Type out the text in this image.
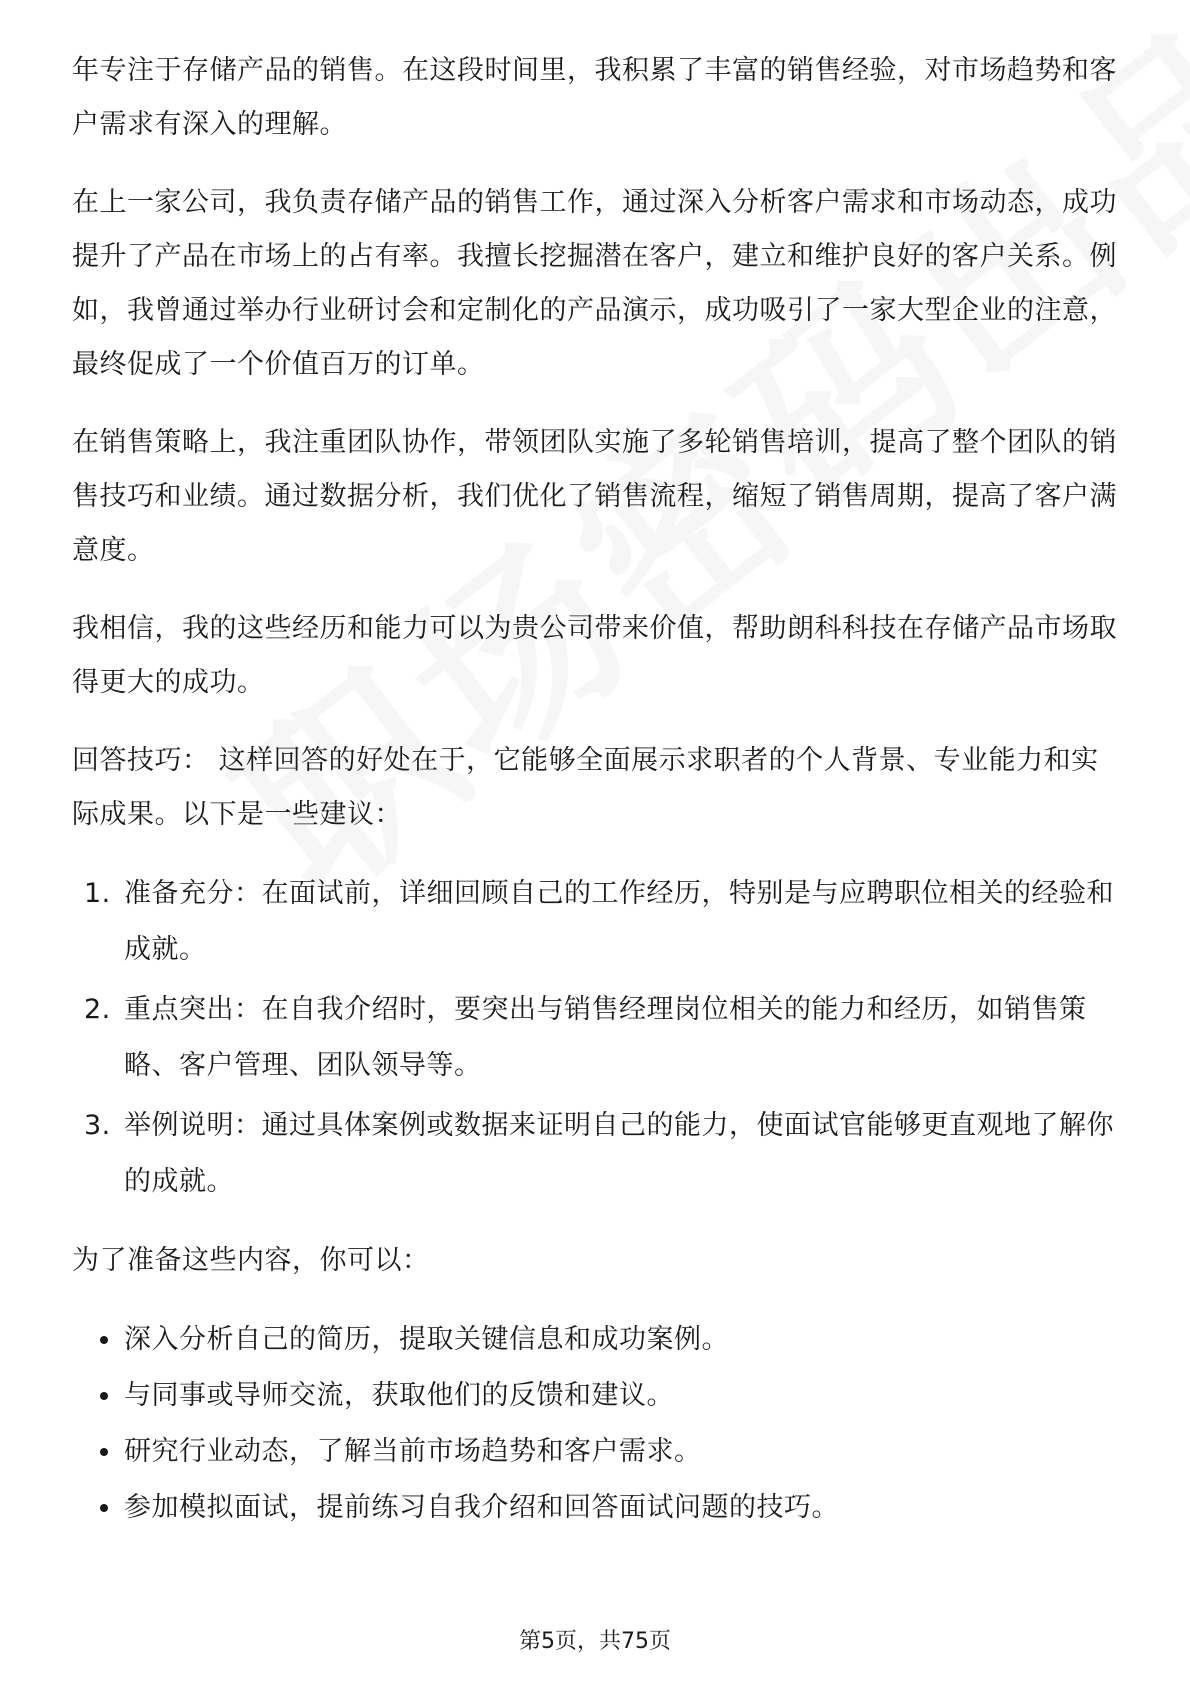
年专注于存储产品的销售。在这段时间里，我积累了丰富的销售经验，对市场趋势和客户需求有深入的理解。

在上一家公司，我负责存储产品的销售工作，通过深入分析客户需求和市场动态，成功提升了产品在市场上的占有率。我擅长挖掘潜在客户，建立和维护良好的客户关系。例如，我曾通过举办行业研讨会和定制化的产品演示，成功吸引了一家大型企业的注意，最终促成了一个价值百万的订单。

在销售策略上，我注重团队协作，带领团队实施了多轮销售培训，提高了整个团队的销售技巧和业绩。通过数据分析，我们优化了销售流程，缩短了销售周期，提高了客户满意度。

我相信，我的这些经历和能力可以为贵公司带来价值，帮助朗科科技在存储产品市场取得更大的成功。

回答技巧： 这样回答的好处在于，它能够全面展示求职者的个人背景、专业能力和实际成果。以下是一些建议：

1. 准备充分：在面试前，详细回顾自己的工作经历，特别是与应聘职位相关的经验和成就。
2. 重点突出：在自我介绍时，要突出与销售经理岗位相关的能力和经历，如销售策略、客户管理、团队领导等。
3. 举例说明：通过具体案例或数据来证明自己的能力，使面试官能够更直观地了解你的成就。

为了准备这些内容，你可以：

深入分析自己的简历，提取关键信息和成功案例。
与同事或导师交流，获取他们的反馈和建议。
研究行业动态，了解当前市场趋势和客户需求。
参加模拟面试，提前练习自我介绍和回答面试问题的技巧。
第5页，共75页
